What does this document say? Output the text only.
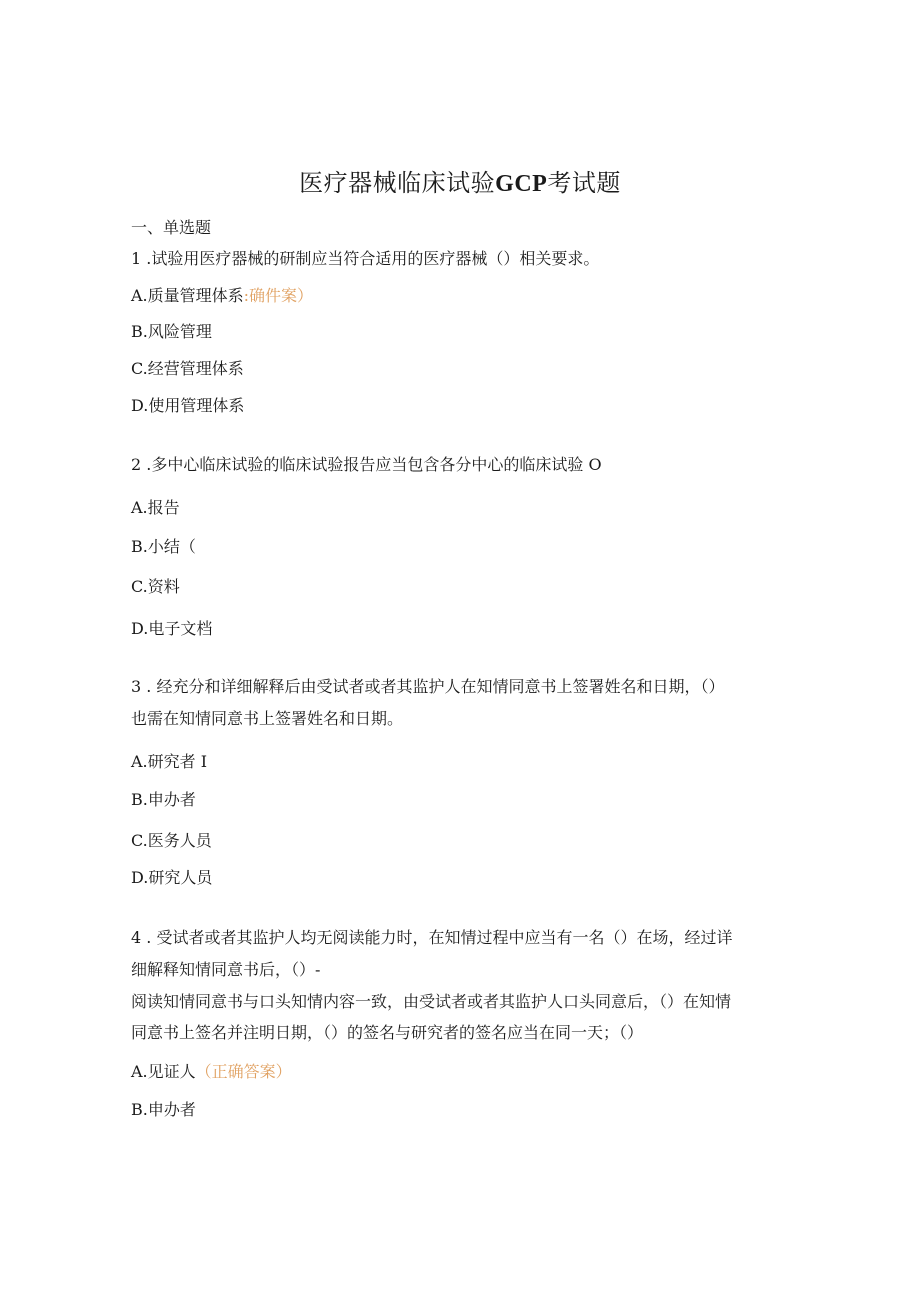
医疗器械临床试验GCP考试题
一、单选题
1 .试验用医疗器械的研制应当符合适用的医疗器械（）相关要求。
A.质量管理体系:确件案）
B.风险管理
C.经营管理体系
D.使用管理体系
2 .多中心临床试验的临床试验报告应当包含各分中心的临床试验 O
A.报告
B.小结（
C.资料
D.电子文档
3 . 经充分和详细解释后由受试者或者其监护人在知情同意书上签署姓名和日期，（）
也需在知情同意书上签署姓名和日期。
A.研究者 I
B.申办者
C.医务人员
D.研究人员
4 . 受试者或者其监护人均无阅读能力时，在知情过程中应当有一名（）在场，经过详
细解释知情同意书后，（）-
阅读知情同意书与口头知情内容一致，由受试者或者其监护人口头同意后，（）在知情
同意书上签名并注明日期，（）的签名与研究者的签名应当在同一天；（）
A.见证人（正确答案）
B.申办者
